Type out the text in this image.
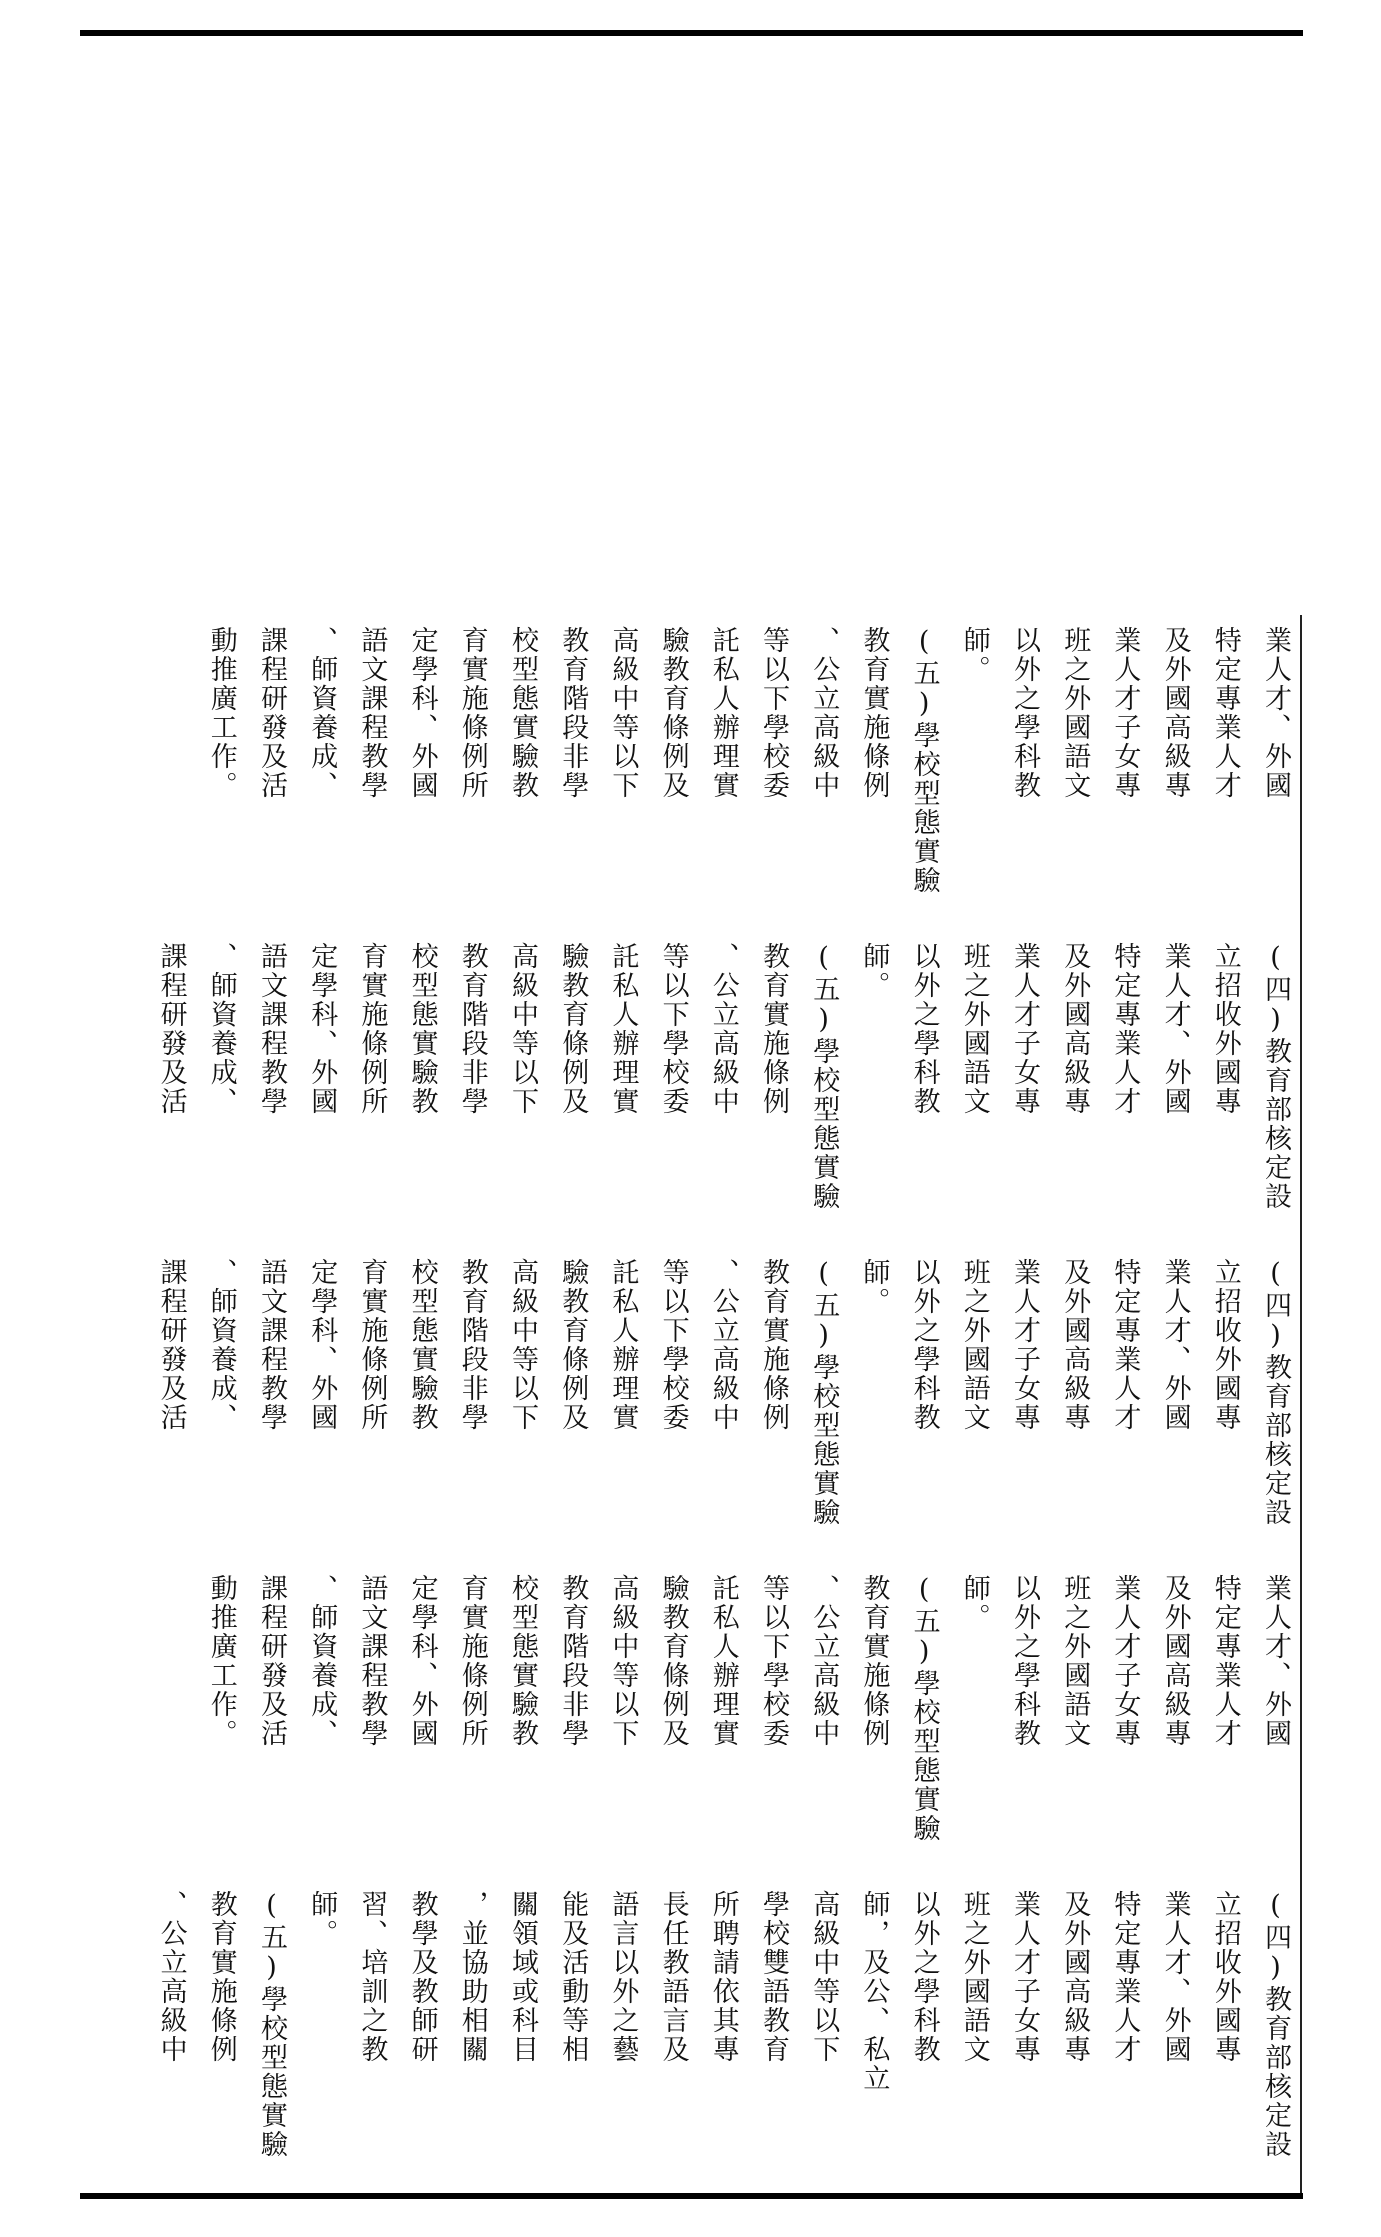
業人才、外國
特定專業人才
及外國高級專
業人才子女專
班之外國語文
以外之學科教
師。
(五)學校型態實驗
教育實施條例
、公立高級中
等以下學校委
託私人辦理實
驗教育條例及
高級中等以下
教育階段非學
校型態實驗教
育實施條例所
定學科、外國
語文課程教學
、師資養成、
課程研發及活
動推廣工作。
(四)教育部核定設
立招收外國專
業人才、外國
特定專業人才
及外國高級專
業人才子女專
班之外國語文
以外之學科教
師。
(五)學校型態實驗
教育實施條例
、公立高級中
等以下學校委
託私人辦理實
驗教育條例及
高級中等以下
教育階段非學
校型態實驗教
育實施條例所
定學科、外國
語文課程教學
、師資養成、
課程研發及活
(四)教育部核定設
立招收外國專
業人才、外國
特定專業人才
及外國高級專
業人才子女專
班之外國語文
以外之學科教
師。
(五)學校型態實驗
教育實施條例
、公立高級中
等以下學校委
託私人辦理實
驗教育條例及
高級中等以下
教育階段非學
校型態實驗教
育實施條例所
定學科、外國
語文課程教學
、師資養成、
課程研發及活
業人才、外國
特定專業人才
及外國高級專
業人才子女專
班之外國語文
以外之學科教
師。
(五)學校型態實驗
教育實施條例
、公立高級中
等以下學校委
託私人辦理實
驗教育條例及
高級中等以下
教育階段非學
校型態實驗教
育實施條例所
定學科、外國
語文課程教學
、師資養成、
課程研發及活
動推廣工作。
(四)教育部核定設
立招收外國專
業人才、外國
特定專業人才
及外國高級專
業人才子女專
班之外國語文
以外之學科教
師，及公、私立
高級中等以下
學校雙語教育
所聘請依其專
長任教語言及
語言以外之藝
能及活動等相
關領域或科目
，並協助相關
教學及教師研
習、培訓之教
師。
(五)學校型態實驗
教育實施條例
、公立高級中
